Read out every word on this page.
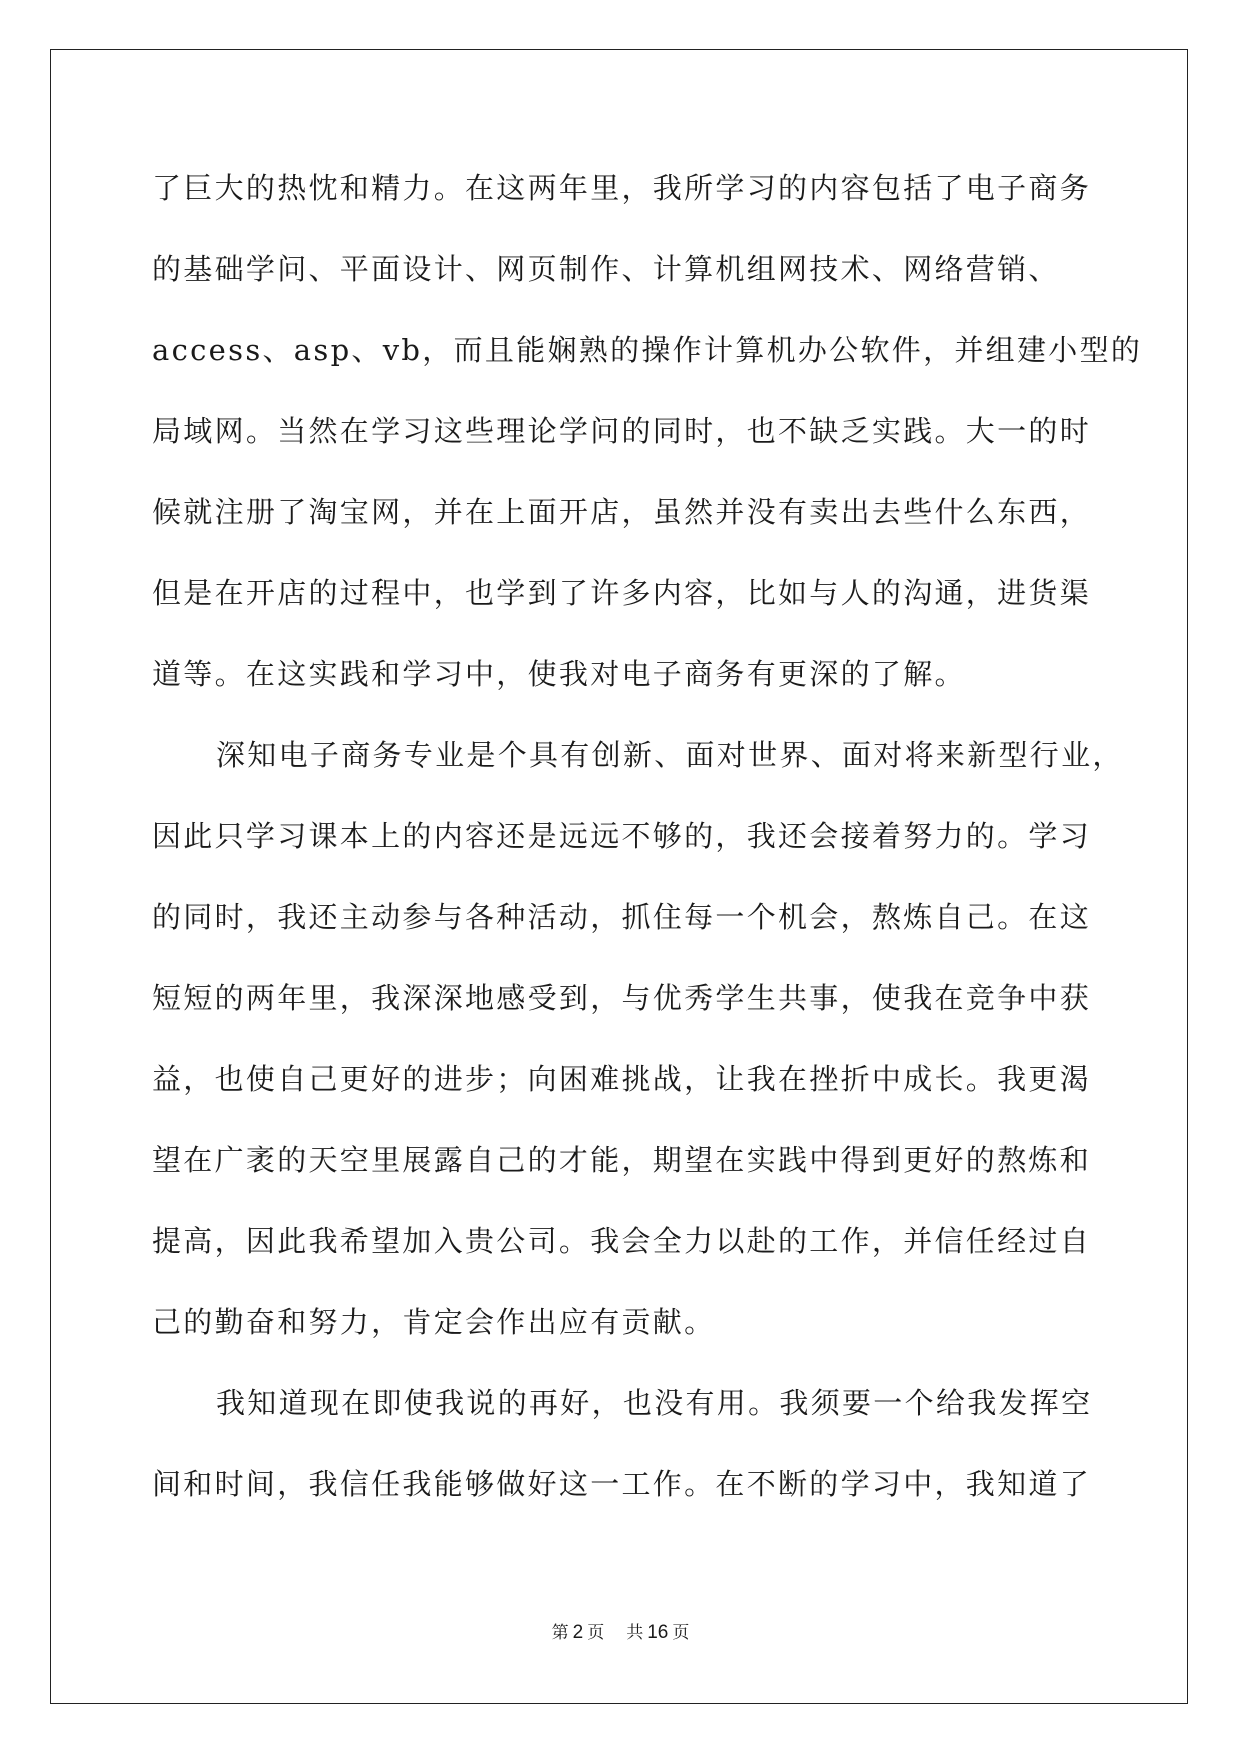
了巨大的热忱和精力。在这两年里，我所学习的内容包括了电子商务
的基础学问、平面设计、网页制作、计算机组网技术、网络营销、
access、asp、vb，而且能娴熟的操作计算机办公软件，并组建小型的
局域网。当然在学习这些理论学问的同时，也不缺乏实践。大一的时
候就注册了淘宝网，并在上面开店，虽然并没有卖出去些什么东西，
但是在开店的过程中，也学到了许多内容，比如与人的沟通，进货渠
道等。在这实践和学习中，使我对电子商务有更深的了解。
深知电子商务专业是个具有创新、面对世界、面对将来新型行业，
因此只学习课本上的内容还是远远不够的，我还会接着努力的。学习
的同时，我还主动参与各种活动，抓住每一个机会，熬炼自己。在这
短短的两年里，我深深地感受到，与优秀学生共事，使我在竞争中获
益，也使自己更好的进步；向困难挑战，让我在挫折中成长。我更渴
望在广袤的天空里展露自己的才能，期望在实践中得到更好的熬炼和
提高，因此我希望加入贵公司。我会全力以赴的工作，并信任经过自
己的勤奋和努力，肯定会作出应有贡献。
我知道现在即使我说的再好，也没有用。我须要一个给我发挥空
间和时间，我信任我能够做好这一工作。在不断的学习中，我知道了
第 2 页 共 16 页
